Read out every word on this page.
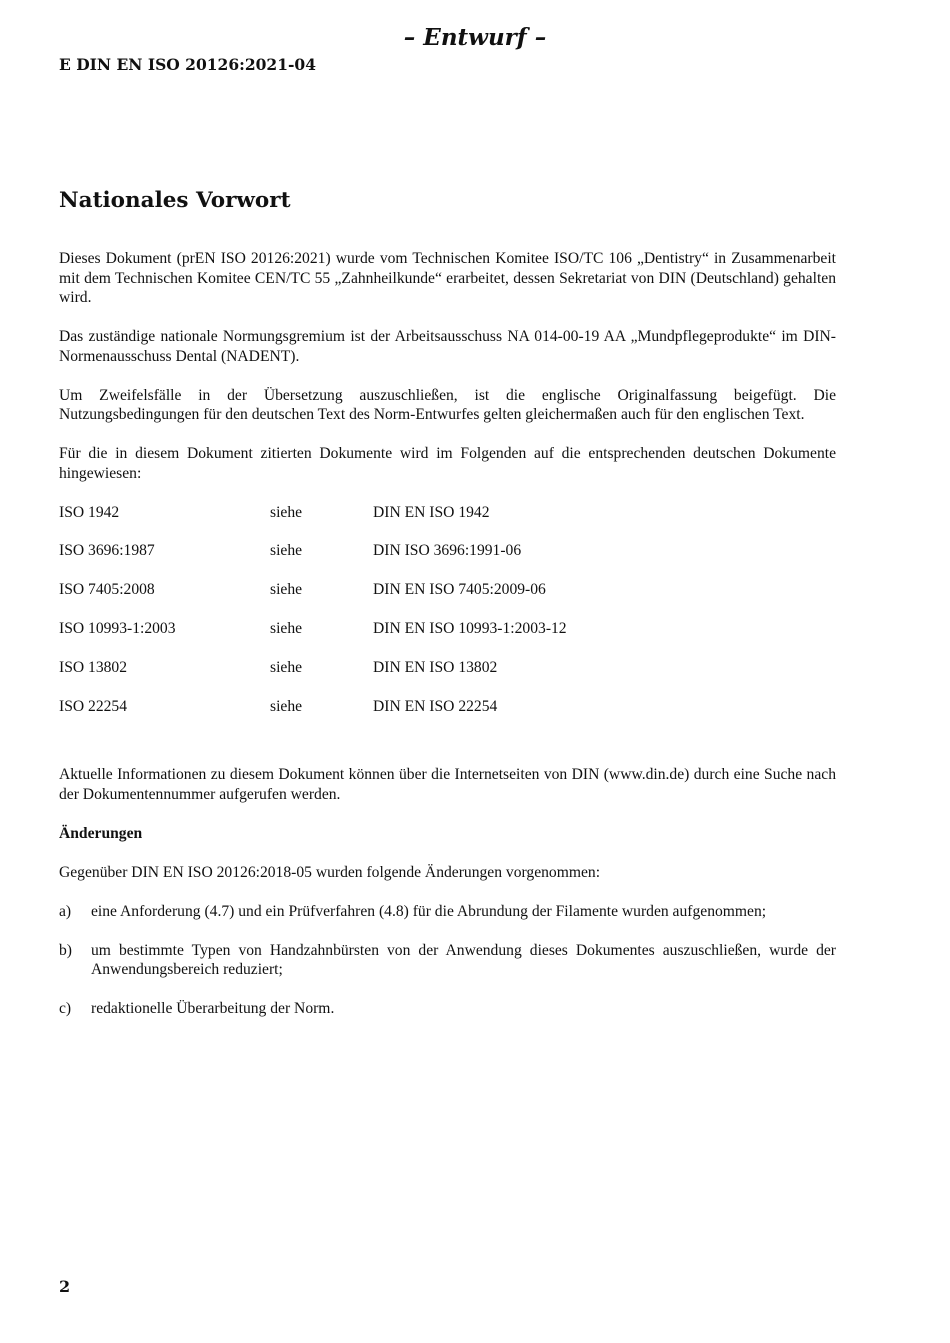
– Entwurf –
E DIN EN ISO 20126:2021-04
Nationales Vorwort

Dieses Dokument (prEN ISO 20126:2021) wurde vom Technischen Komitee ISO/TC 106 „Dentistry“ in Zusammenarbeit mit dem Technischen Komitee CEN/TC 55 „Zahnheilkunde“ erarbeitet, dessen Sekretariat von DIN (Deutschland) gehalten wird.

Das zuständige nationale Normungsgremium ist der Arbeitsausschuss NA 014-00-19 AA „Mundpflegeprodukte“ im DIN-Normenausschuss Dental (NADENT).

Um Zweifelsfälle in der Übersetzung auszuschließen, ist die englische Originalfassung beigefügt. Die Nutzungsbedingungen für den deutschen Text des Norm-Entwurfes gelten gleichermaßen auch für den englischen Text.

Für die in diesem Dokument zitierten Dokumente wird im Folgenden auf die entsprechenden deutschen Dokumente hingewiesen:

ISO 1942	siehe	DIN EN ISO 1942
ISO 3696:1987	siehe	DIN ISO 3696:1991-06
ISO 7405:2008	siehe	DIN EN ISO 7405:2009-06
ISO 10993-1:2003	siehe	DIN EN ISO 10993-1:2003-12
ISO 13802	siehe	DIN EN ISO 13802
ISO 22254	siehe	DIN EN ISO 22254

Aktuelle Informationen zu diesem Dokument können über die Internetseiten von DIN (www.din.de) durch eine Suche nach der Dokumentennummer aufgerufen werden.

Änderungen

Gegenüber DIN EN ISO 20126:2018-05 wurden folgende Änderungen vorgenommen:

a)	eine Anforderung (4.7) und ein Prüfverfahren (4.8) für die Abrundung der Filamente wurden aufgenommen;
b)	um bestimmte Typen von Handzahnbürsten von der Anwendung dieses Dokumentes auszuschließen, wurde der Anwendungsbereich reduziert;
c)	redaktionelle Überarbeitung der Norm.
2
